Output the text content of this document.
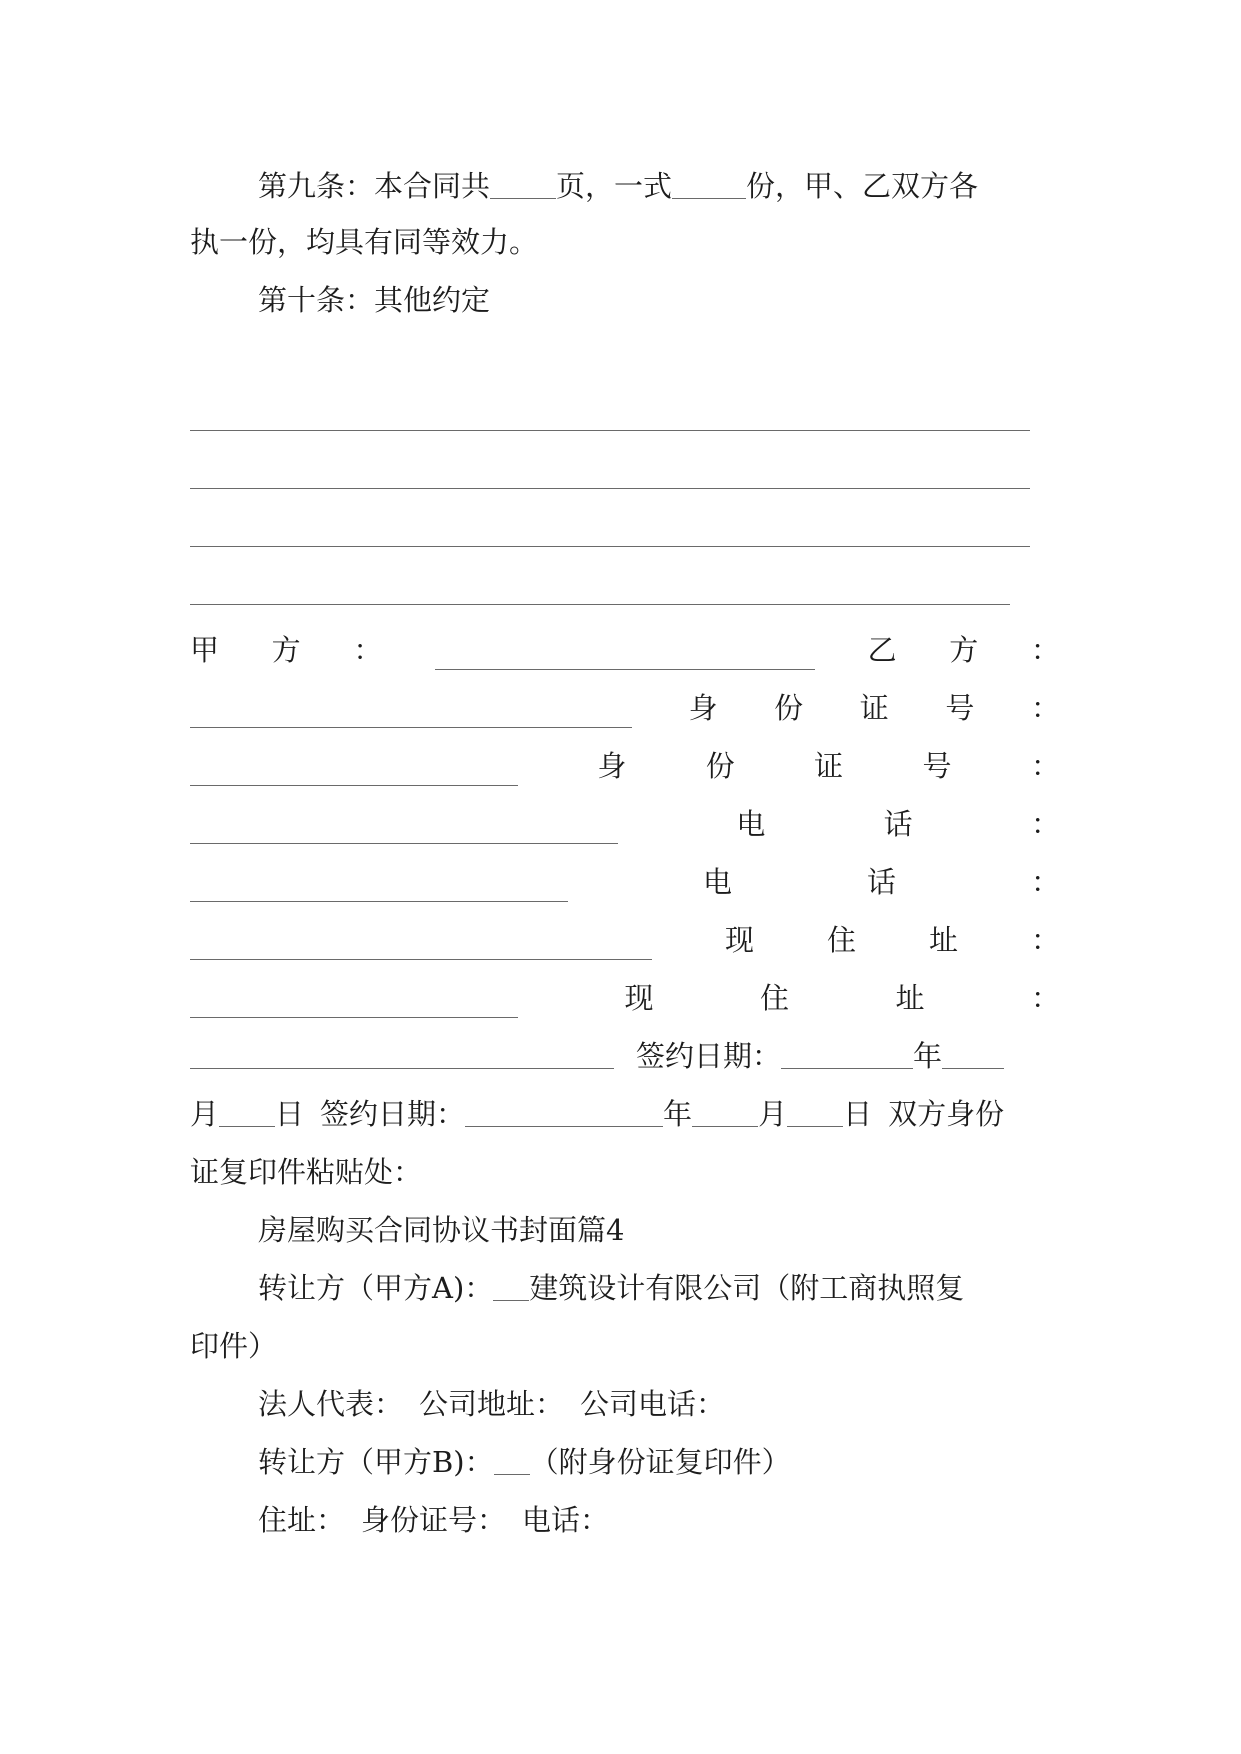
第九条：本合同共 页，一式	份，甲、乙双方各
执一份，均具有同等效力。
第十条：其他约定
甲 方 ：	乙 方 ：
身 份 证 号 ：
身	份	证	号	：
电	话	：
电	话	：
现	住	址	：
现	住	址	：
签约日期：	年
月 日 签约日期：	年 月 日 双方身份
证复印件粘贴处：
房屋购买合同协议书封面篇4
转让方（甲方A)： 建筑设计有限公司（附工商执照复
印件）
法人代表： 公司地址： 公司电话：
转让方（甲方B)： （附身份证复印件）
住址： 身份证号： 电话：
